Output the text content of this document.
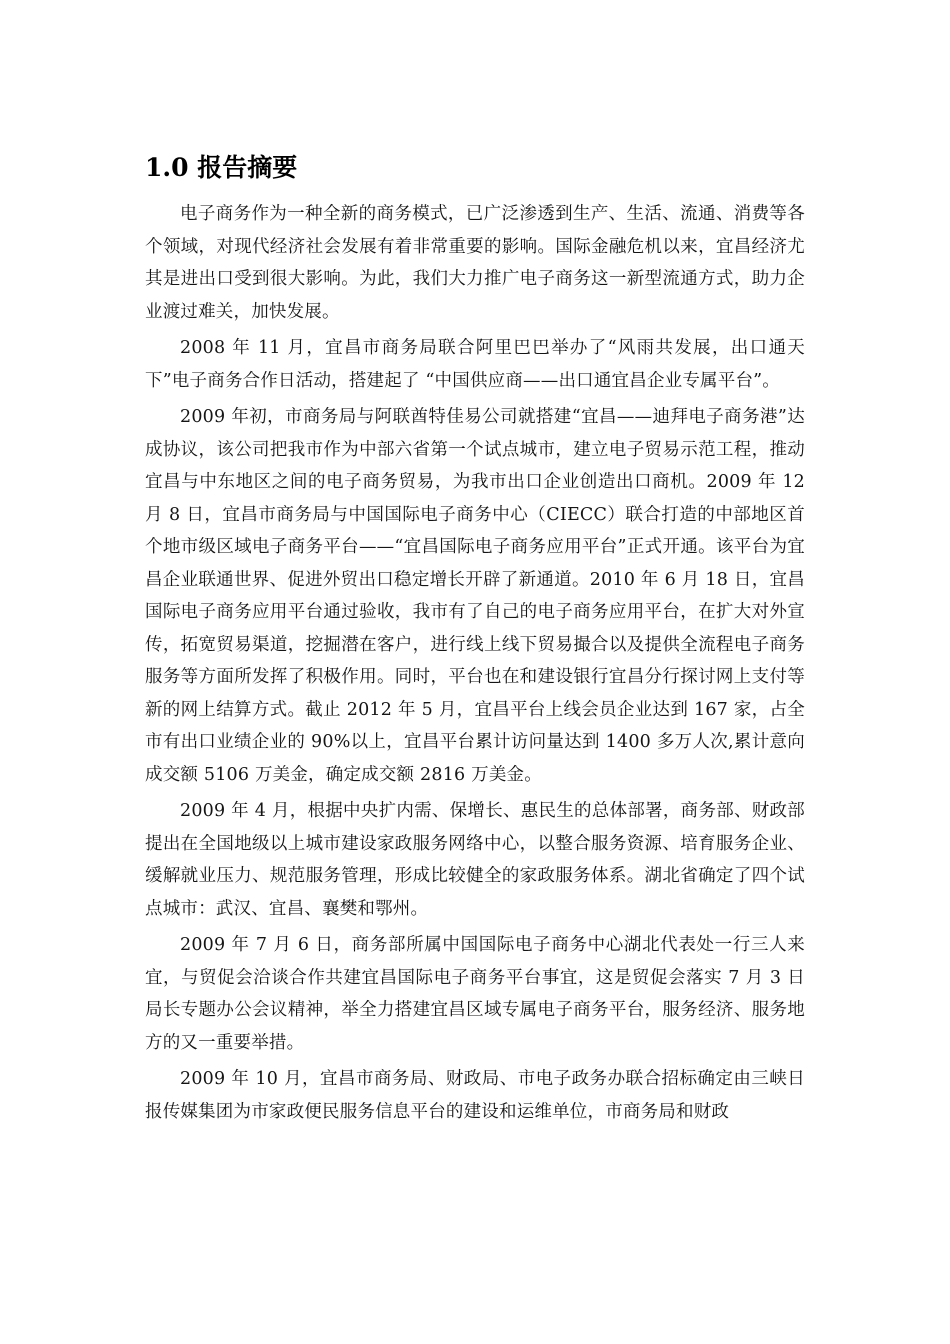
1.0 报告摘要

电子商务作为一种全新的商务模式，已广泛渗透到生产、生活、流通、消费等各个领域，对现代经济社会发展有着非常重要的影响。国际金融危机以来，宜昌经济尤其是进出口受到很大影响。为此，我们大力推广电子商务这一新型流通方式，助力企业渡过难关，加快发展。

2008 年 11 月，宜昌市商务局联合阿里巴巴举办了“风雨共发展，出口通天下”电子商务合作日活动，搭建起了 “中国供应商——出口通宜昌企业专属平台”。

2009 年初，市商务局与阿联酋特佳易公司就搭建“宜昌——迪拜电子商务港”达成协议，该公司把我市作为中部六省第一个试点城市，建立电子贸易示范工程，推动宜昌与中东地区之间的电子商务贸易，为我市出口企业创造出口商机。2009 年 12 月 8 日，宜昌市商务局与中国国际电子商务中心（CIECC）联合打造的中部地区首个地市级区域电子商务平台——“宜昌国际电子商务应用平台”正式开通。该平台为宜昌企业联通世界、促进外贸出口稳定增长开辟了新通道。2010 年 6 月 18 日，宜昌国际电子商务应用平台通过验收，我市有了自己的电子商务应用平台，在扩大对外宣传，拓宽贸易渠道，挖掘潜在客户，进行线上线下贸易撮合以及提供全流程电子商务服务等方面所发挥了积极作用。同时，平台也在和建设银行宜昌分行探讨网上支付等新的网上结算方式。截止 2012 年 5 月，宜昌平台上线会员企业达到 167 家，占全市有出口业绩企业的 90%以上，宜昌平台累计访问量达到 1400 多万人次,累计意向成交额 5106 万美金，确定成交额 2816 万美金。

2009 年 4 月，根据中央扩内需、保增长、惠民生的总体部署，商务部、财政部提出在全国地级以上城市建设家政服务网络中心，以整合服务资源、培育服务企业、缓解就业压力、规范服务管理，形成比较健全的家政服务体系。湖北省确定了四个试点城市：武汉、宜昌、襄樊和鄂州。

2009 年 7 月 6 日，商务部所属中国国际电子商务中心湖北代表处一行三人来宜，与贸促会洽谈合作共建宜昌国际电子商务平台事宜，这是贸促会落实 7 月 3 日局长专题办公会议精神，举全力搭建宜昌区域专属电子商务平台，服务经济、服务地方的又一重要举措。

2009 年 10 月，宜昌市商务局、财政局、市电子政务办联合招标确定由三峡日报传媒集团为市家政便民服务信息平台的建设和运维单位，市商务局和财政
